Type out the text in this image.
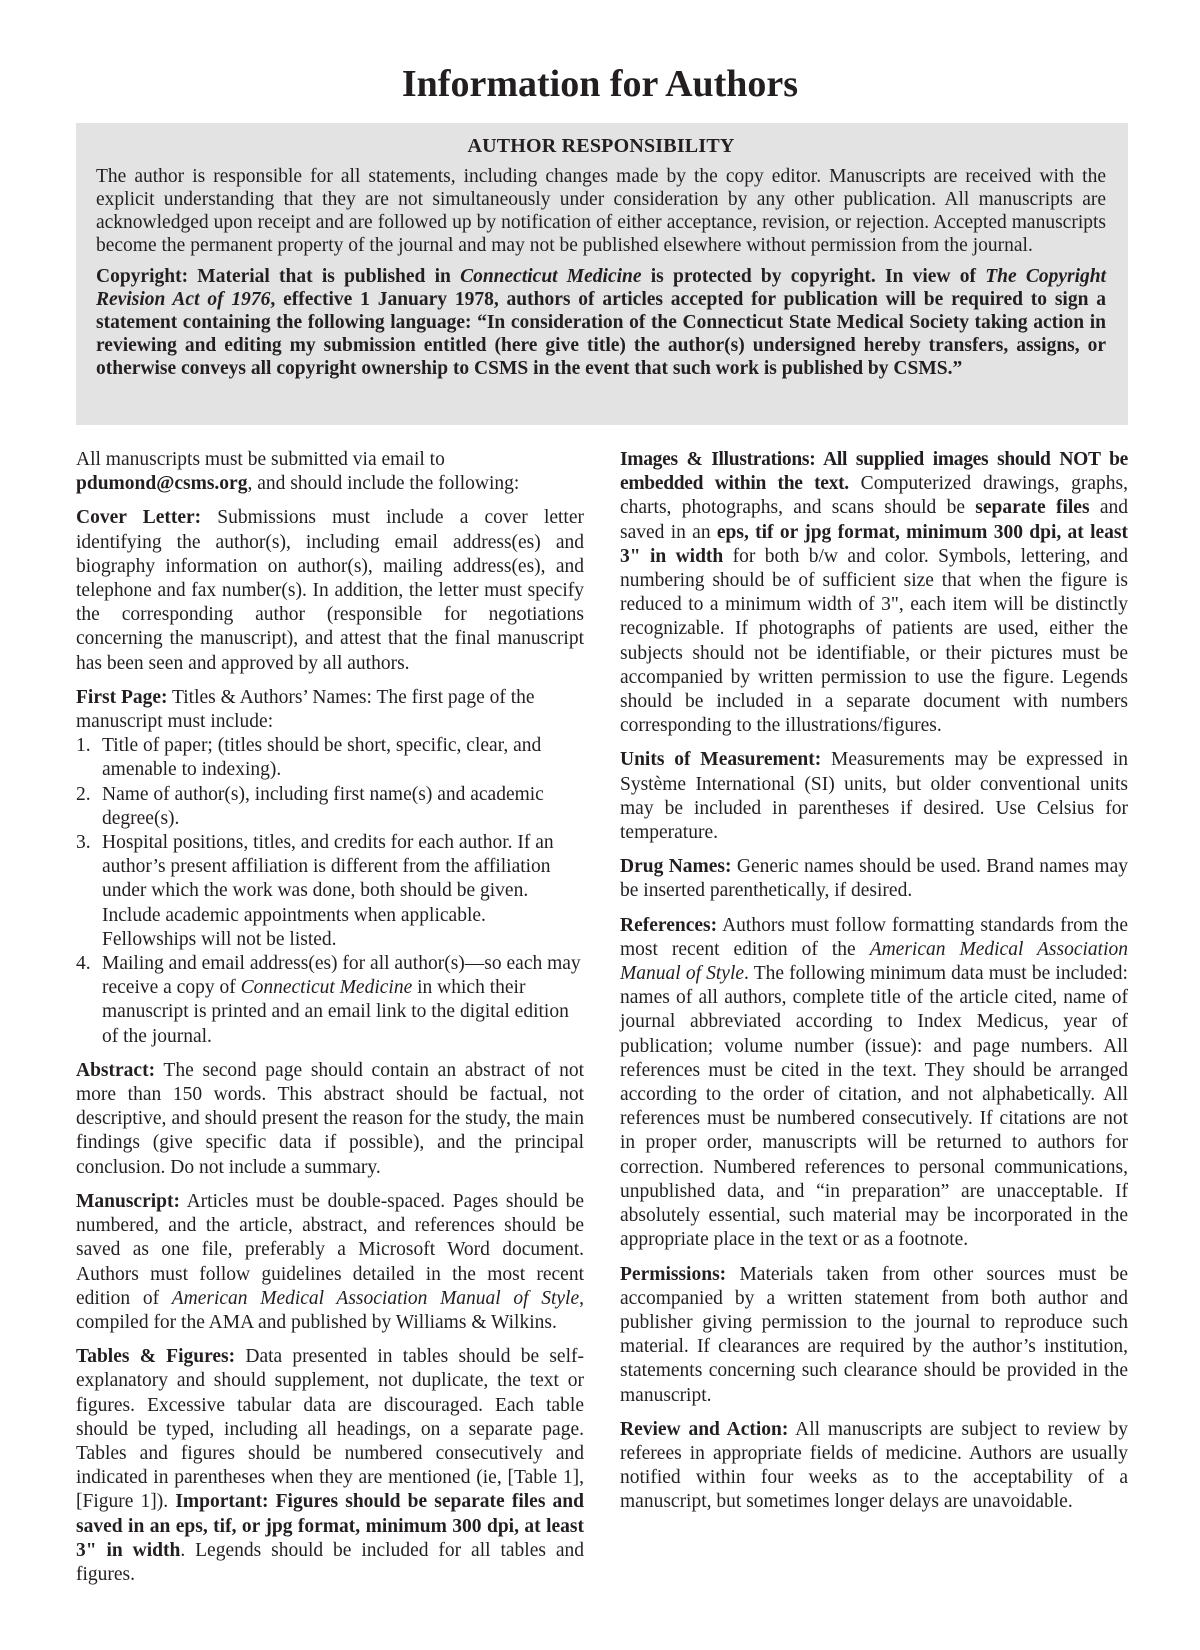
Information for Authors

AUTHOR RESPONSIBILITY

The author is responsible for all statements, including changes made by the copy editor. Manuscripts are received with the explicit understanding that they are not simultaneously under consideration by any other publication. All manuscripts are acknowledged upon receipt and are followed up by notification of either acceptance, revision, or rejection. Accepted manuscripts become the permanent property of the journal and may not be published elsewhere without permission from the journal.

Copyright: Material that is published in Connecticut Medicine is protected by copyright. In view of The Copyright Revision Act of 1976, effective 1 January 1978, authors of articles accepted for publication will be required to sign a statement containing the following language: “In consideration of the Connecticut State Medical Society taking action in reviewing and editing my submission entitled (here give title) the author(s) undersigned hereby transfers, assigns, or otherwise conveys all copyright ownership to CSMS in the event that such work is published by CSMS.”

All manuscripts must be submitted via email to
pdumond@csms.org, and should include the following:

Cover Letter: Submissions must include a cover letter identifying the author(s), including email address(es) and biography information on author(s), mailing address(es), and telephone and fax number(s). In addition, the letter must specify the corresponding author (responsible for negotiations concerning the manuscript), and attest that the final manuscript has been seen and approved by all authors.

First Page: Titles & Authors’ Names: The first page of the manuscript must include:

1. Title of paper; (titles should be short, specific, clear, and amenable to indexing).
2. Name of author(s), including first name(s) and academic degree(s).
3. Hospital positions, titles, and credits for each author. If an author’s present affiliation is different from the affiliation under which the work was done, both should be given. Include academic appointments when applicable. Fellowships will not be listed.
4. Mailing and email address(es) for all author(s)—so each may receive a copy of Connecticut Medicine in which their manuscript is printed and an email link to the digital edition of the journal.

Abstract: The second page should contain an abstract of not more than 150 words. This abstract should be factual, not descriptive, and should present the reason for the study, the main findings (give specific data if possible), and the principal conclusion. Do not include a summary.

Manuscript: Articles must be double-spaced. Pages should be numbered, and the article, abstract, and references should be saved as one file, preferably a Microsoft Word document. Authors must follow guidelines detailed in the most recent edition of American Medical Association Manual of Style, compiled for the AMA and published by Williams & Wilkins.

Tables & Figures: Data presented in tables should be self-explanatory and should supplement, not duplicate, the text or figures. Excessive tabular data are discouraged. Each table should be typed, including all headings, on a separate page. Tables and figures should be numbered consecutively and indicated in parentheses when they are mentioned (ie, [Table 1], [Figure 1]). Important: Figures should be separate files and saved in an eps, tif, or jpg format, minimum 300 dpi, at least 3" in width. Legends should be included for all tables and figures.

Images & Illustrations: All supplied images should NOT be embedded within the text. Computerized drawings, graphs, charts, photographs, and scans should be separate files and saved in an eps, tif or jpg format, minimum 300 dpi, at least 3" in width for both b/w and color. Symbols, lettering, and numbering should be of sufficient size that when the figure is reduced to a minimum width of 3", each item will be distinctly recognizable. If photographs of patients are used, either the subjects should not be identifiable, or their pictures must be accompanied by written permission to use the figure. Legends should be included in a separate document with numbers corresponding to the illustrations/figures.

Units of Measurement: Measurements may be expressed in Système International (SI) units, but older conventional units may be included in parentheses if desired. Use Celsius for temperature.

Drug Names: Generic names should be used. Brand names may be inserted parenthetically, if desired.

References: Authors must follow formatting standards from the most recent edition of the American Medical Association Manual of Style. The following minimum data must be included: names of all authors, complete title of the article cited, name of journal abbreviated according to Index Medicus, year of publication; volume number (issue): and page numbers. All references must be cited in the text. They should be arranged according to the order of citation, and not alphabetically. All references must be numbered consecutively. If citations are not in proper order, manuscripts will be returned to authors for correction. Numbered references to personal communications, unpublished data, and “in preparation” are unacceptable. If absolutely essential, such material may be incorporated in the appropriate place in the text or as a footnote.

Permissions: Materials taken from other sources must be accompanied by a written statement from both author and publisher giving permission to the journal to reproduce such material. If clearances are required by the author’s institution, statements concerning such clearance should be provided in the manuscript.

Review and Action: All manuscripts are subject to review by referees in appropriate fields of medicine. Authors are usually notified within four weeks as to the acceptability of a manuscript, but sometimes longer delays are unavoidable.
